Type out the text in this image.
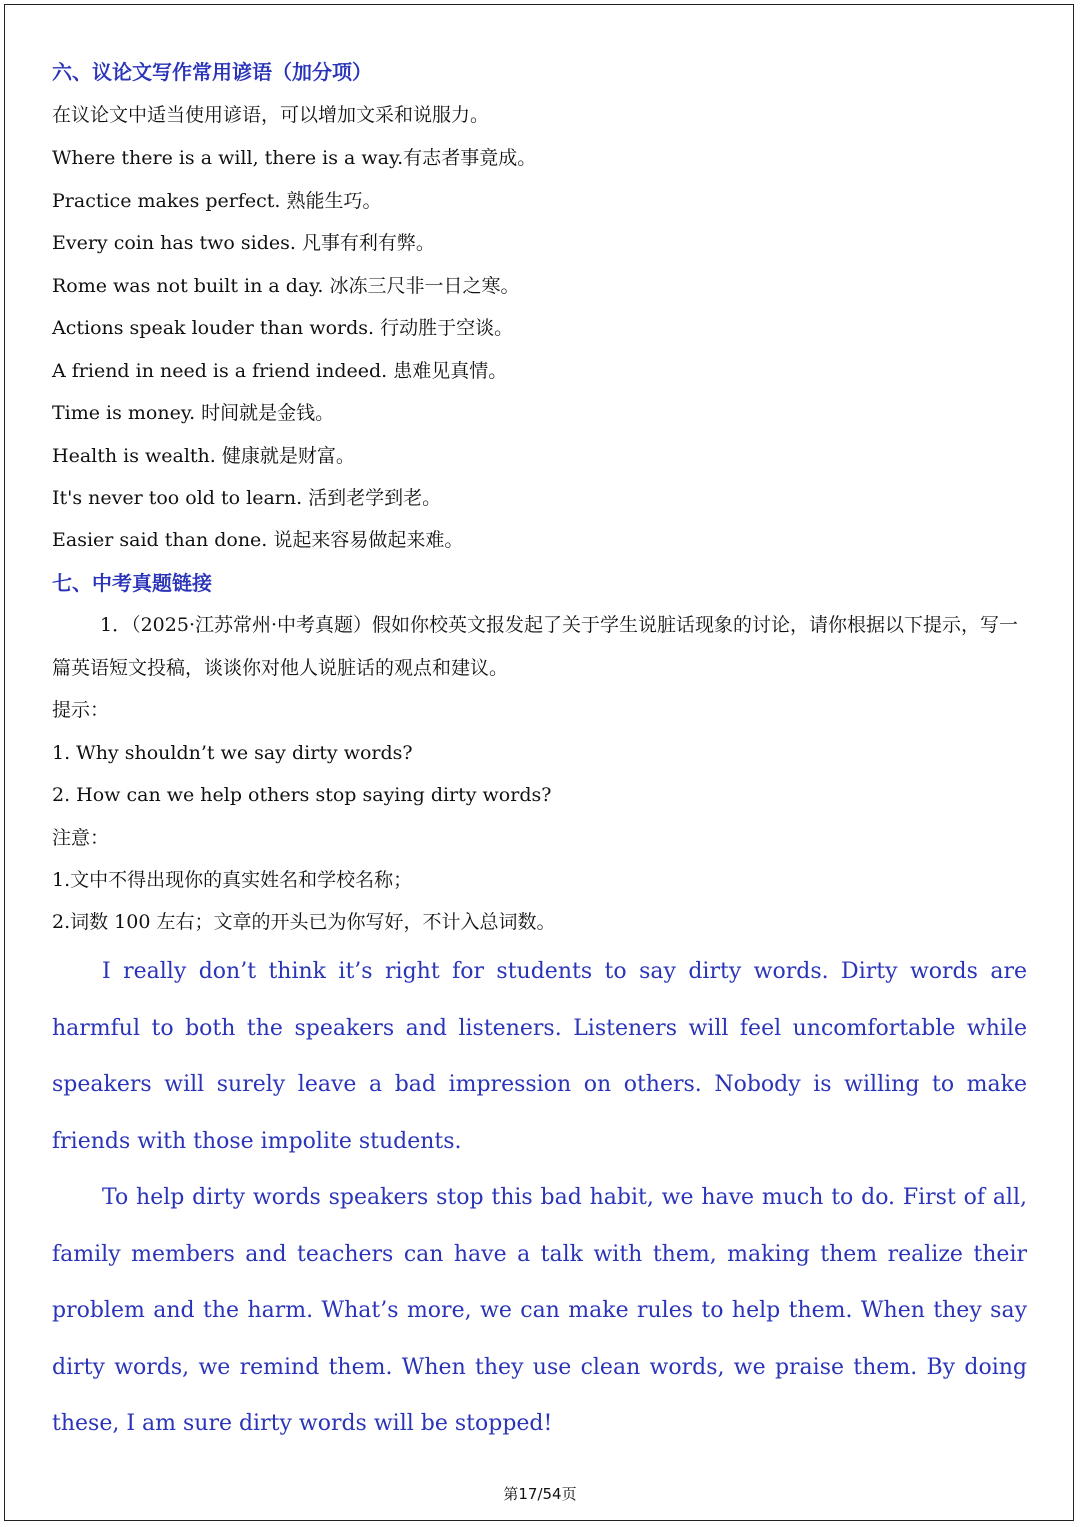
六、议论文写作常用谚语（加分项）
在议论文中适当使用谚语，可以增加文采和说服力。
Where there is a will, there is a way.有志者事竟成。
Practice makes perfect. 熟能生巧。
Every coin has two sides. 凡事有利有弊。
Rome was not built in a day. 冰冻三尺非一日之寒。
Actions speak louder than words. 行动胜于空谈。
A friend in need is a friend indeed. 患难见真情。
Time is money. 时间就是金钱。
Health is wealth. 健康就是财富。
It's never too old to learn. 活到老学到老。
Easier said than done. 说起来容易做起来难。
七、中考真题链接
1．（2025·江苏常州·中考真题）假如你校英文报发起了关于学生说脏话现象的讨论，请你根据以下提示，写一篇英语短文投稿，谈谈你对他人说脏话的观点和建议。
提示：
1. Why shouldn’t we say dirty words?
2. How can we help others stop saying dirty words?
注意：
1.文中不得出现你的真实姓名和学校名称；
2.词数 100 左右；文章的开头已为你写好，不计入总词数。
I really don’t think it’s right for students to say dirty words. Dirty words are harmful to both the speakers and listeners. Listeners will feel uncomfortable while speakers will surely leave a bad impression on others. Nobody is willing to make friends with those impolite students.
To help dirty words speakers stop this bad habit, we have much to do. First of all, family members and teachers can have a talk with them, making them realize their problem and the harm. What’s more, we can make rules to help them. When they say dirty words, we remind them. When they use clean words, we praise them. By doing these, I am sure dirty words will be stopped!
第17/54页
